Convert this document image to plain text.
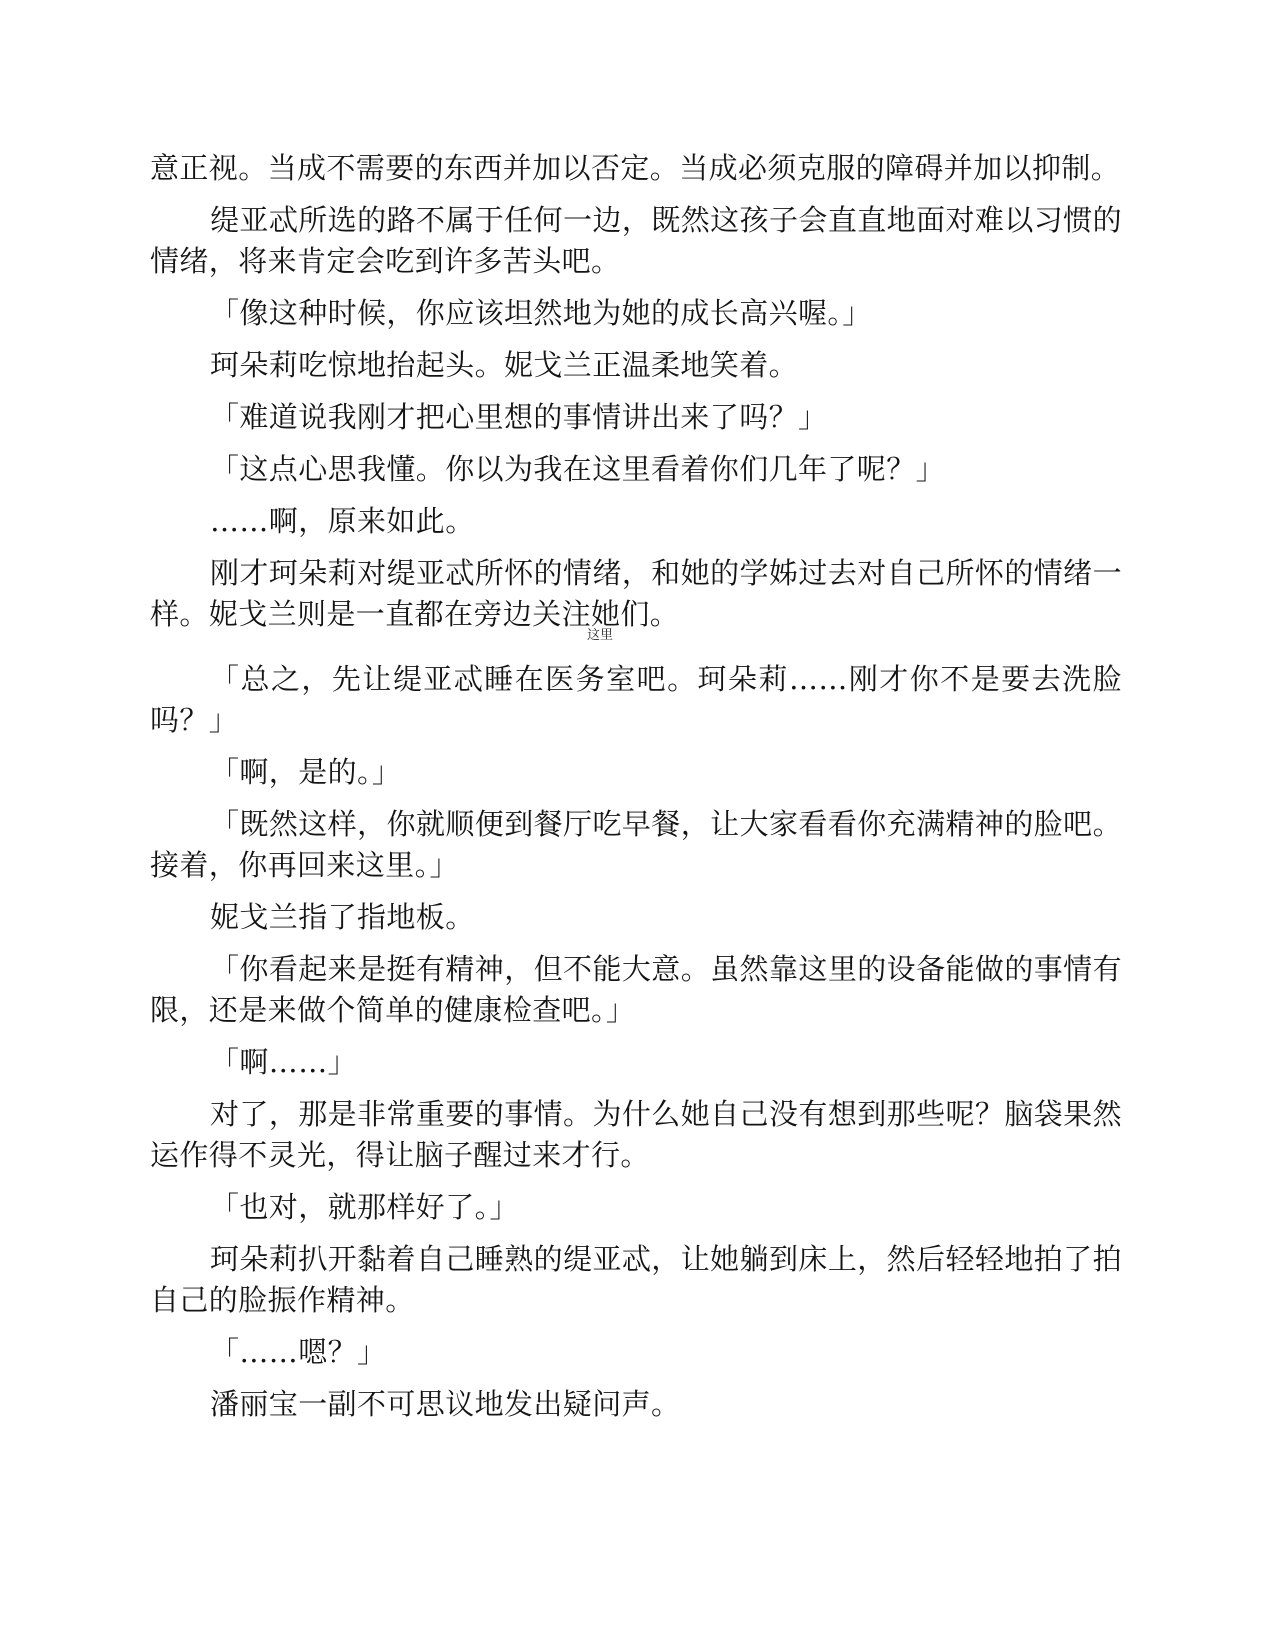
意正视。当成不需要的东西并加以否定。当成必须克服的障碍并加以抑制。

缇亚忒所选的路不属于任何一边，既然这孩子会直直地面对难以习惯的情绪，将来肯定会吃到许多苦头吧。

「像这种时候，你应该坦然地为她的成长高兴喔。」

珂朵莉吃惊地抬起头。妮戈兰正温柔地笑着。

「难道说我刚才把心里想的事情讲出来了吗？」

「这点心思我懂。你以为我在这里看着你们几年了呢？」

……啊，原来如此。

刚才珂朵莉对缇亚忒所怀的情绪，和她的学姊过去对自己所怀的情绪一样。妮戈兰则是一直都在旁边关注她们。

这里

「总之，先让缇亚忒睡在医务室吧。珂朵莉……刚才你不是要去洗脸吗？」

「啊，是的。」

「既然这样，你就顺便到餐厅吃早餐，让大家看看你充满精神的脸吧。接着，你再回来这里。」

妮戈兰指了指地板。

「你看起来是挺有精神，但不能大意。虽然靠这里的设备能做的事情有限，还是来做个简单的健康检查吧。」

「啊……」

对了，那是非常重要的事情。为什么她自己没有想到那些呢？脑袋果然运作得不灵光，得让脑子醒过来才行。

「也对，就那样好了。」

珂朵莉扒开黏着自己睡熟的缇亚忒，让她躺到床上，然后轻轻地拍了拍自己的脸振作精神。

「……嗯？」

潘丽宝一副不可思议地发出疑问声。
